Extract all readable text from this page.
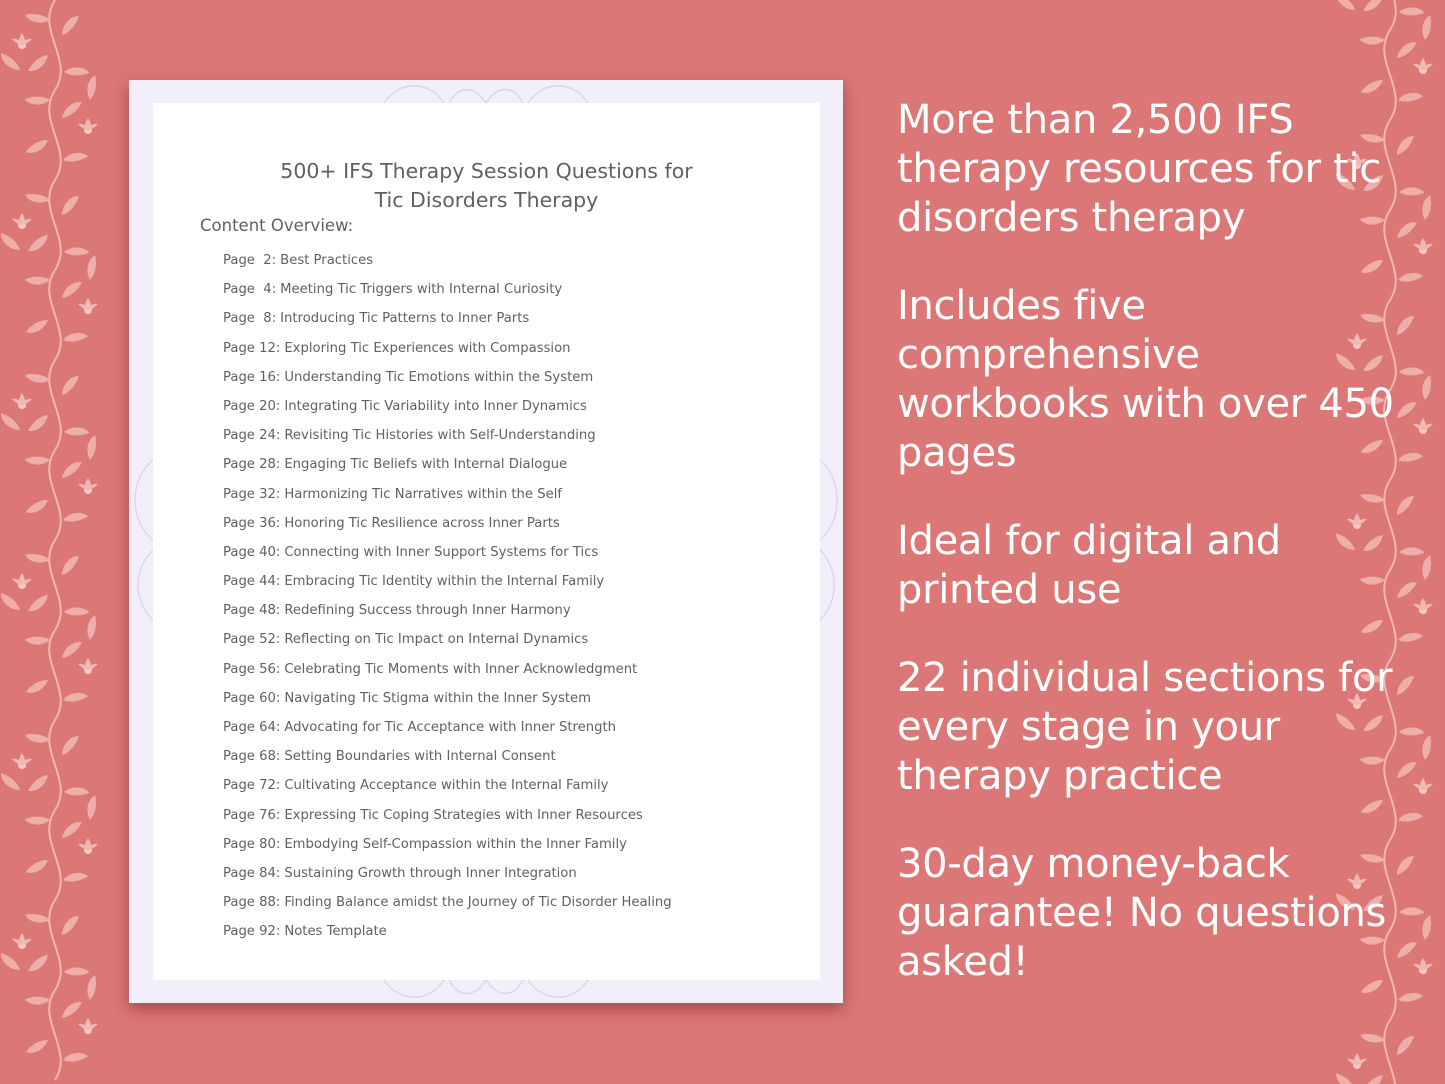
500+ IFS Therapy Session Questions for
Tic Disorders Therapy
Content Overview:
Page  2: Best Practices
Page  4: Meeting Tic Triggers with Internal Curiosity
Page  8: Introducing Tic Patterns to Inner Parts
Page 12: Exploring Tic Experiences with Compassion
Page 16: Understanding Tic Emotions within the System
Page 20: Integrating Tic Variability into Inner Dynamics
Page 24: Revisiting Tic Histories with Self-Understanding
Page 28: Engaging Tic Beliefs with Internal Dialogue
Page 32: Harmonizing Tic Narratives within the Self
Page 36: Honoring Tic Resilience across Inner Parts
Page 40: Connecting with Inner Support Systems for Tics
Page 44: Embracing Tic Identity within the Internal Family
Page 48: Redefining Success through Inner Harmony
Page 52: Reflecting on Tic Impact on Internal Dynamics
Page 56: Celebrating Tic Moments with Inner Acknowledgment
Page 60: Navigating Tic Stigma within the Inner System
Page 64: Advocating for Tic Acceptance with Inner Strength
Page 68: Setting Boundaries with Internal Consent
Page 72: Cultivating Acceptance within the Internal Family
Page 76: Expressing Tic Coping Strategies with Inner Resources
Page 80: Embodying Self-Compassion within the Inner Family
Page 84: Sustaining Growth through Inner Integration
Page 88: Finding Balance amidst the Journey of Tic Disorder Healing
Page 92: Notes Template
More than 2,500 IFS therapy resources for tic disorders therapy
Includes five comprehensive workbooks with over 450 pages
Ideal for digital and printed use
22 individual sections for every stage in your therapy practice
30-day money-back guarantee! No questions asked!
